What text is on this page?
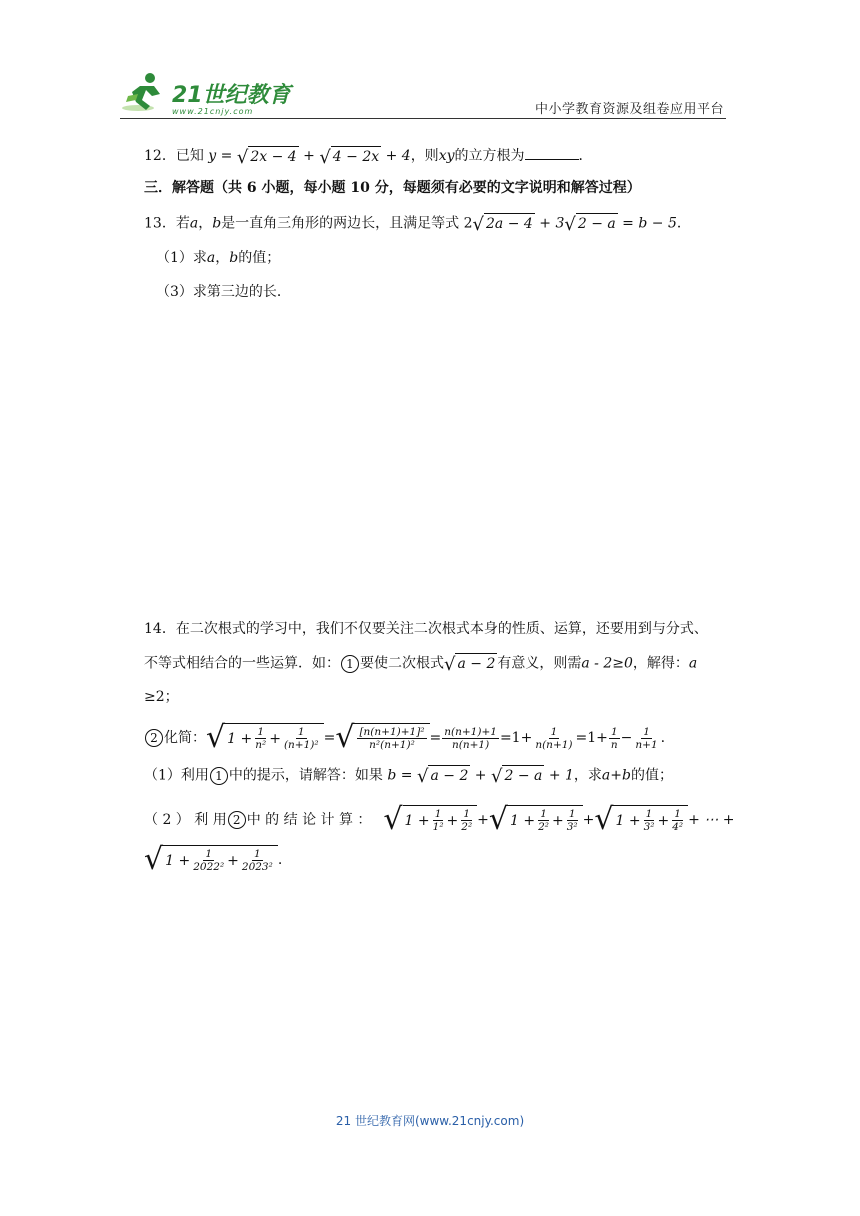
21世纪教育
www.21cnjy.com	中小学教育资源及组卷应用平台
12．已知 y = √ 2x − 4 + √ 4 − 2x + 4，则xy的立方根为	．
三．解答题（共 6 小题，每小题 10 分，每题须有必要的文字说明和解答过程）
13．若a，b是一直角三角形的两边长，且满足等式 2 √ 2a − 4 + 3 √ 2 − a = b − 5．
（1）求a，b的值；
（3）求第三边的长．
14．在二次根式的学习中，我们不仅要关注二次根式本身的性质、运算，还要用到与分式、
不等式相结合的一些运算．如： 1 要使二次根式 √ a − 2 有意义，则需a - 2≥0，解得：a
≥2；
2 化简： √ $1 + \frac{1}{\text{n²}} + \frac{1}{\text{(n+1)²}}$ = √ $\frac{\text{[n(n+1)+1]²}}{\text{n²(n+1)²}} = \frac{n(n+1)+1}{n(n+1)} =1+ \frac{1}{n(n+1)} =1+ \frac{1}{n} - \frac{1}{n+1}$ .
（1）利用 1 中的提示，请解答：如果 b = √ a − 2 + √ 2 − a + 1，求a+b的值；
（ 2 ） 利 用 2 中 的 结 论 计 算 ： √ $1 + \frac{1}{\text{1²}} + \frac{1}{\text{2²}}$ + √ $1 + \frac{1}{\text{2²}} + \frac{1}{\text{3²}}$ + √ $1 + \frac{1}{\text{3²}} + \frac{1}{\text{4²}}$ + ⋯ +
√ $1 + \frac{1}{\text{2022²}} + \frac{1}{\text{2023²}}$ .
21 世纪教育网(www.21cnjy.com)
